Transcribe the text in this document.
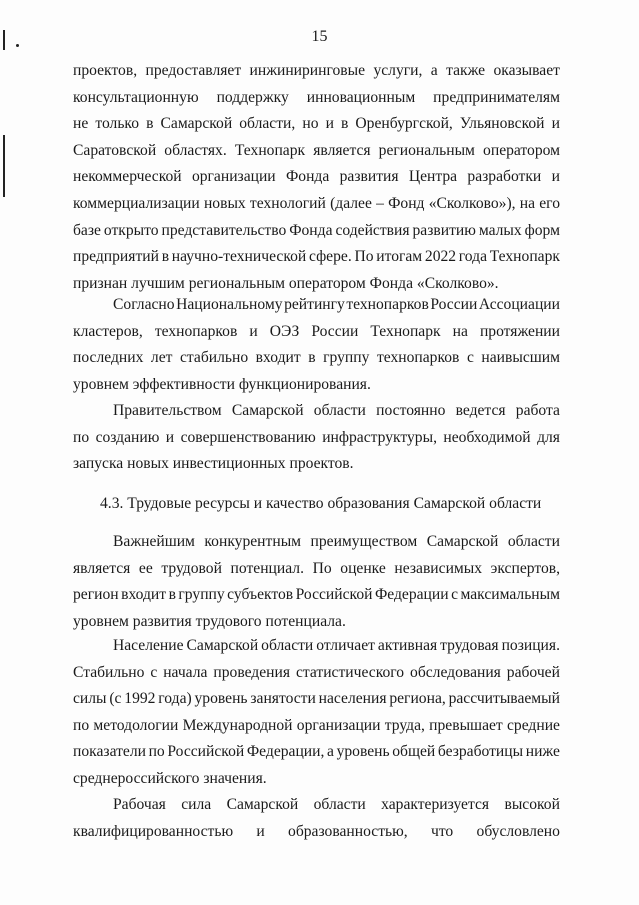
15
проектов, предоставляет инжиниринговые услуги, а также оказывает
консультационную поддержку инновационным предпринимателям
не только в Самарской области, но и в Оренбургской, Ульяновской и
Саратовской областях. Технопарк является региональным оператором
некоммерческой организации Фонда развития Центра разработки и
коммерциализации новых технологий (далее – Фонд «Сколково»), на его
базе открыто представительство Фонда содействия развитию малых форм
предприятий в научно-технической сфере. По итогам 2022 года Технопарк
признан лучшим региональным оператором Фонда «Сколково».
Согласно Национальному рейтингу технопарков России Ассоциации
кластеров, технопарков и ОЭЗ России Технопарк на протяжении
последних лет стабильно входит в группу технопарков с наивысшим
уровнем эффективности функционирования.
Правительством Самарской области постоянно ведется работа
по созданию и совершенствованию инфраструктуры, необходимой для
запуска новых инвестиционных проектов.
4.3. Трудовые ресурсы и качество образования Самарской области
Важнейшим конкурентным преимуществом Самарской области
является ее трудовой потенциал. По оценке независимых экспертов,
регион входит в группу субъектов Российской Федерации с максимальным
уровнем развития трудового потенциала.
Население Самарской области отличает активная трудовая позиция.
Стабильно с начала проведения статистического обследования рабочей
силы (с 1992 года) уровень занятости населения региона, рассчитываемый
по методологии Международной организации труда, превышает средние
показатели по Российской Федерации, а уровень общей безработицы ниже
среднероссийского значения.
Рабочая сила Самарской области характеризуется высокой
квалифицированностью и образованностью, что обусловлено
